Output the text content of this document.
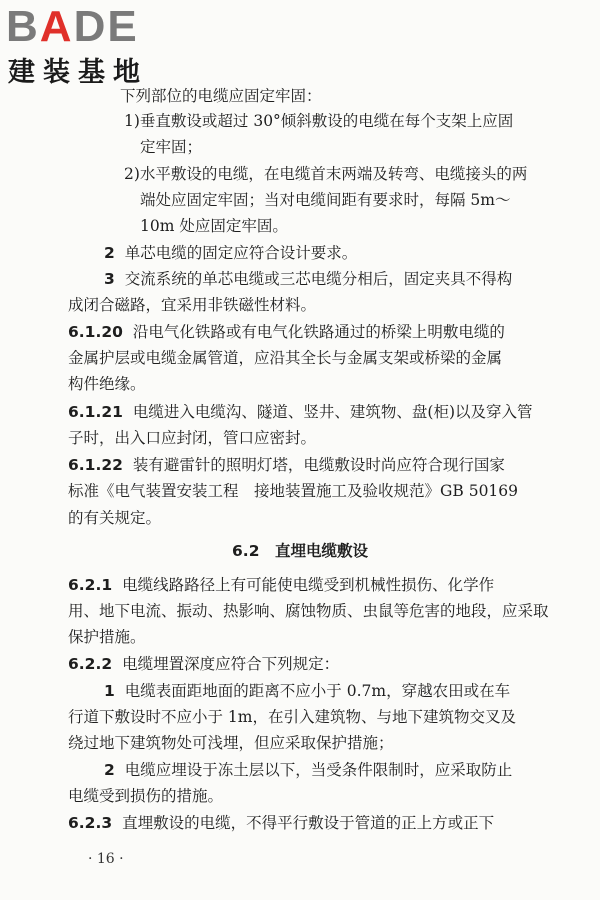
BADE
建装基地
下列部位的电缆应固定牢固：
1)垂直敷设或超过 30°倾斜敷设的电缆在每个支架上应固
定牢固；
2)水平敷设的电缆，在电缆首末两端及转弯、电缆接头的两
端处应固定牢固；当对电缆间距有要求时，每隔 5m～
10m 处应固定牢固。
2 单芯电缆的固定应符合设计要求。
3 交流系统的单芯电缆或三芯电缆分相后，固定夹具不得构
成闭合磁路，宜采用非铁磁性材料。
6.1.20 沿电气化铁路或有电气化铁路通过的桥梁上明敷电缆的
金属护层或电缆金属管道，应沿其全长与金属支架或桥梁的金属
构件绝缘。
6.1.21 电缆进入电缆沟、隧道、竖井、建筑物、盘(柜)以及穿入管
子时，出入口应封闭，管口应密封。
6.1.22 装有避雷针的照明灯塔，电缆敷设时尚应符合现行国家
标准《电气装置安装工程　接地装置施工及验收规范》GB 50169
的有关规定。
6.2.1 电缆线路路径上有可能使电缆受到机械性损伤、化学作
用、地下电流、振动、热影响、腐蚀物质、虫鼠等危害的地段，应采取
保护措施。
6.2.2 电缆埋置深度应符合下列规定：
1 电缆表面距地面的距离不应小于 0.7m，穿越农田或在车
行道下敷设时不应小于 1m，在引入建筑物、与地下建筑物交叉及
绕过地下建筑物处可浅埋，但应采取保护措施；
2 电缆应埋设于冻土层以下，当受条件限制时，应采取防止
电缆受到损伤的措施。
6.2.3 直埋敷设的电缆，不得平行敷设于管道的正上方或正下
6.2　直埋电缆敷设
· 16 ·
